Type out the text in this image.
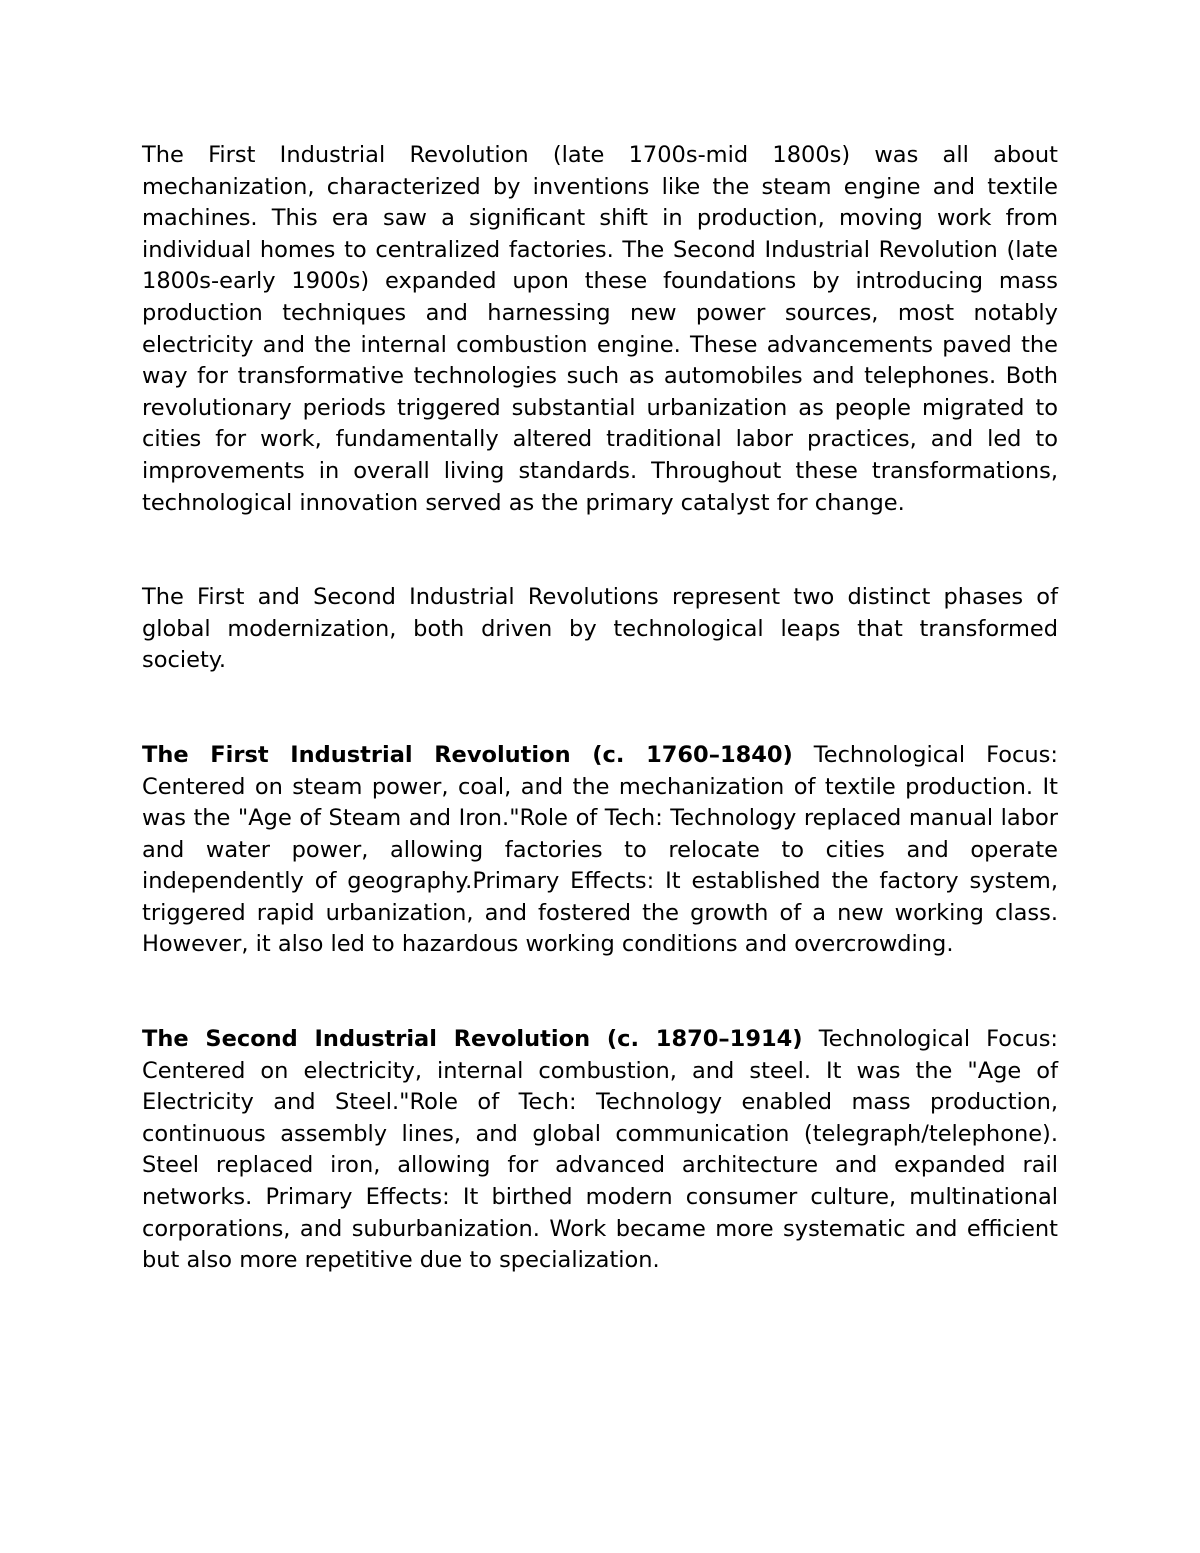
The First Industrial Revolution (late 1700s-mid 1800s) was all about mechanization, characterized by inventions like the steam engine and textile machines. This era saw a significant shift in production, moving work from individual homes to centralized factories. The Second Industrial Revolution (late 1800s-early 1900s) expanded upon these foundations by introducing mass production techniques and harnessing new power sources, most notably electricity and the internal combustion engine. These advancements paved the way for transformative technologies such as automobiles and telephones. Both revolutionary periods triggered substantial urbanization as people migrated to cities for work, fundamentally altered traditional labor practices, and led to improvements in overall living standards. Throughout these transformations, technological innovation served as the primary catalyst for change.

The First and Second Industrial Revolutions represent two distinct phases of global modernization, both driven by technological leaps that transformed society.

The First Industrial Revolution (c. 1760–1840) Technological Focus: Centered on steam power, coal, and the mechanization of textile production. It was the "Age of Steam and Iron."Role of Tech: Technology replaced manual labor and water power, allowing factories to relocate to cities and operate independently of geography.Primary Effects: It established the factory system, triggered rapid urbanization, and fostered the growth of a new working class. However, it also led to hazardous working conditions and overcrowding.

The Second Industrial Revolution (c. 1870–1914) Technological Focus: Centered on electricity, internal combustion, and steel. It was the "Age of Electricity and Steel."Role of Tech: Technology enabled mass production, continuous assembly lines, and global communication (telegraph/telephone). Steel replaced iron, allowing for advanced architecture and expanded rail networks. Primary Effects: It birthed modern consumer culture, multinational corporations, and suburbanization. Work became more systematic and efficient but also more repetitive due to specialization.
